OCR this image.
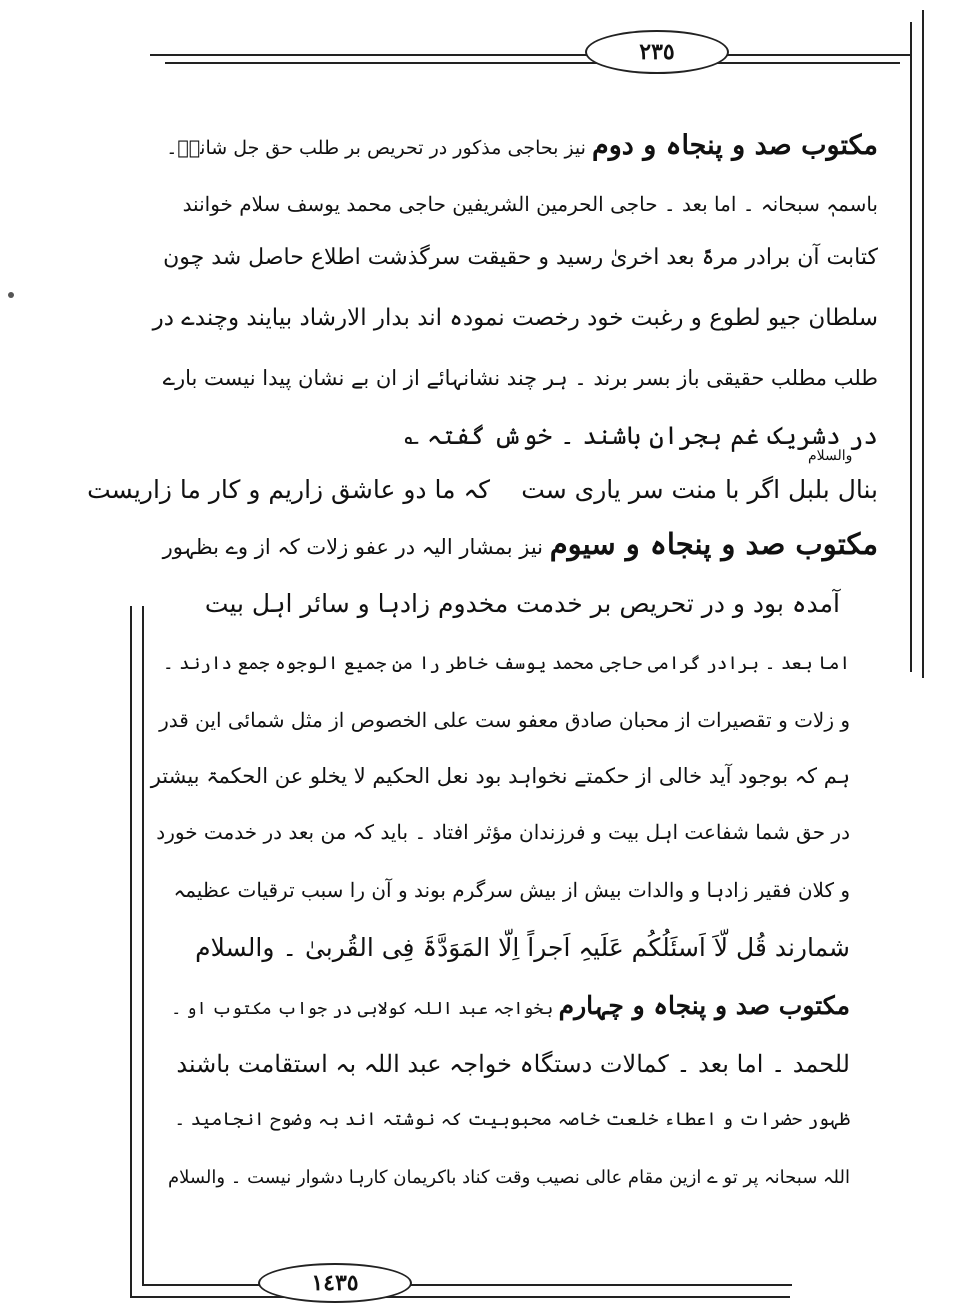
٢٣٥
مکتوب صد و پنجاہ و دوم نیز بحاجی مذکور در تحریص بر طلب حق جل شانہٗ۔
باسمہٖ سبحانہ ۔ اما بعد ۔ حاجی الحرمین الشریفین حاجی محمد یوسف سلام خوانند
کتابت آن برادر مرۃً بعد اخریٰ رسید و حقیقت سرگذشت اطلاع حاصل شد چون
سلطان جیو لطوع و رغبت خود رخصت نمودہ اند بدار الارشاد بیایند وچندے در
طلب مطلب حقیقی باز بسر برند ۔ ہر چند نشانہائے از ان بے نشان پیدا نیست بارے
در دشریک غم ہجران باشند ۔ خوش گفتہ ؎
والسلام
بنال بلبل اگر با منت سر یاری ست
کہ ما دو عاشق زاریم و کار ما زاریست
مکتوب صد و پنجاہ و سیوم نیز بمشار الیہ در عفو زلات کہ از وے بظہور
آمدہ بود و در تحریص بر خدمت مخدوم زادہا و سائر اہل بیت
اما بعد ۔ برادر گرامی حاجی محمد یوسف خاطر را من جمیع الوجوہ جمع دارند ۔
و زلات و تقصیرات از محبان صادق معفو ست علی الخصوص از مثل شمائی این قدر
ہم کہ بوجود آید خالی از حکمتے نخواہد بود نعل الحکیم لا یخلو عن الحکمۃ بیشتر
در حق شما شفاعت اہل بیت و فرزندان مؤثر افتاد ۔ باید کہ من بعد در خدمت خورد
و کلان فقیر زادہا و والدات بیش از بیش سرگرم بوند و آن را سبب ترقیات عظیمہ
شمارند قُل لّاَ اَسئَلُکُم عَلَیہِ اَجراً اِلّا المَوَدَّۃَ فِی القُربیٰ ۔ والسلام
مکتوب صد و پنجاہ و چہارم بخواجہ عبد اللہ کولابی در جواب مکتوب او ۔
للحمد ۔ اما بعد ۔ کمالات دستگاہ خواجہ عبد اللہ بہ استقامت باشند
ظہور حضرات و اعطاء خلعت خاصہ محبوبیت کہ نوشتہ اند بہ وضوح انجامید ۔
اللہ سبحانہ پر تو ے ازین مقام عالی نصیب وقت کناد باکریمان کارہا دشوار نیست ۔ والسلام
١٤٣٥
